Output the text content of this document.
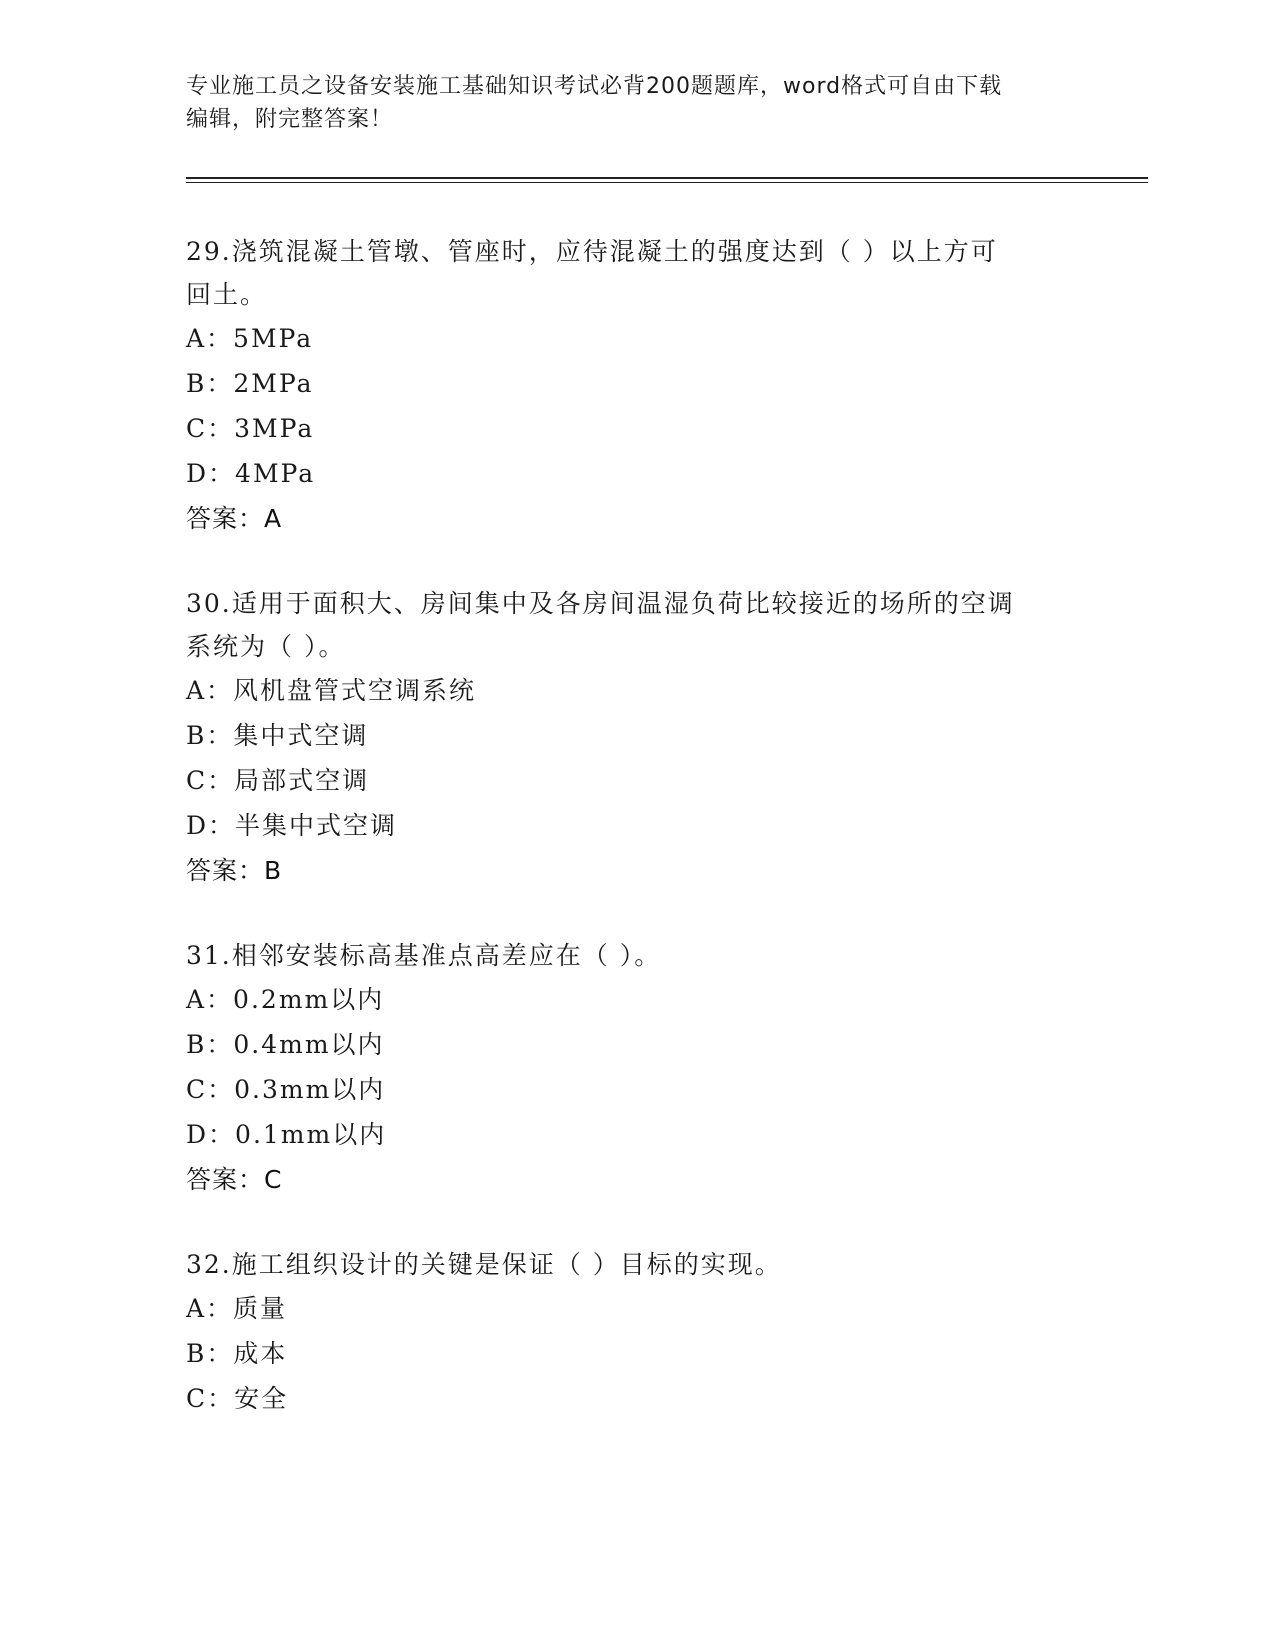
专业施工员之设备安装施工基础知识考试必背200题题库，word格式可自由下载
编辑，附完整答案！
29.浇筑混凝土管墩、管座时，应待混凝土的强度达到（ ）以上方可
回土。
A：5MPa
B：2MPa
C：3MPa
D：4MPa
答案：A
30.适用于面积大、房间集中及各房间温湿负荷比较接近的场所的空调
系统为（ ）。
A：风机盘管式空调系统
B：集中式空调
C：局部式空调
D：半集中式空调
答案：B
31.相邻安装标高基准点高差应在（ ）。
A：0.2mm以内
B：0.4mm以内
C：0.3mm以内
D：0.1mm以内
答案：C
32.施工组织设计的关键是保证（ ）目标的实现。
A：质量
B：成本
C：安全
